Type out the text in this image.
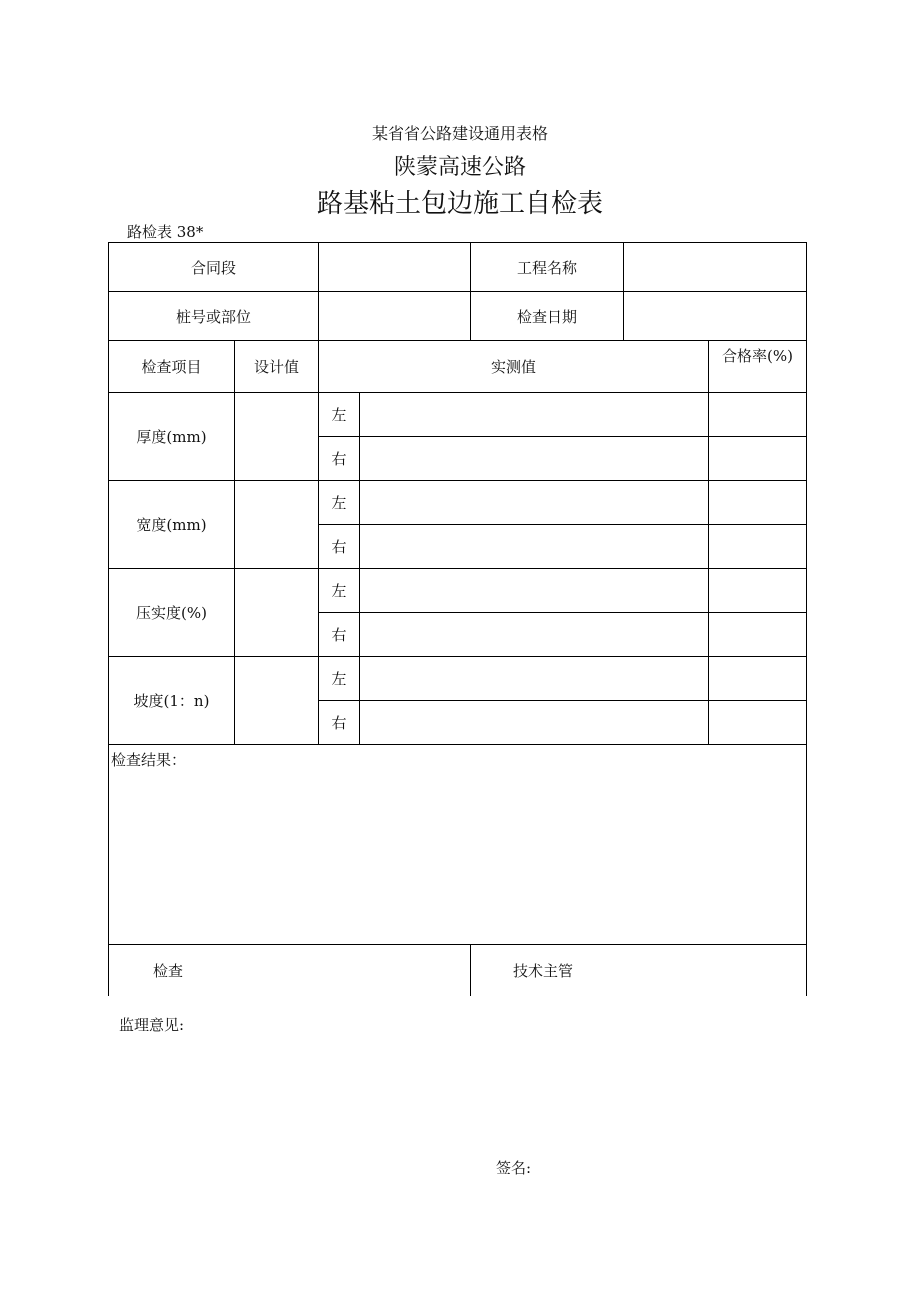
某省省公路建设通用表格
陕蒙高速公路
路基粘土包边施工自检表
路检表 38*
合同段				工程名称		
桩号或部位				检查日期		
检查项目	设计值	实测值				合格率(%)
厚度(mm)		左				
		右				
宽度(mm)		左				
		右				
压实度(%)		左				
		右				
坡度(1：n)		左				
		右				
检查结果：						
检查				技术主管		
监理意见:
签名:
